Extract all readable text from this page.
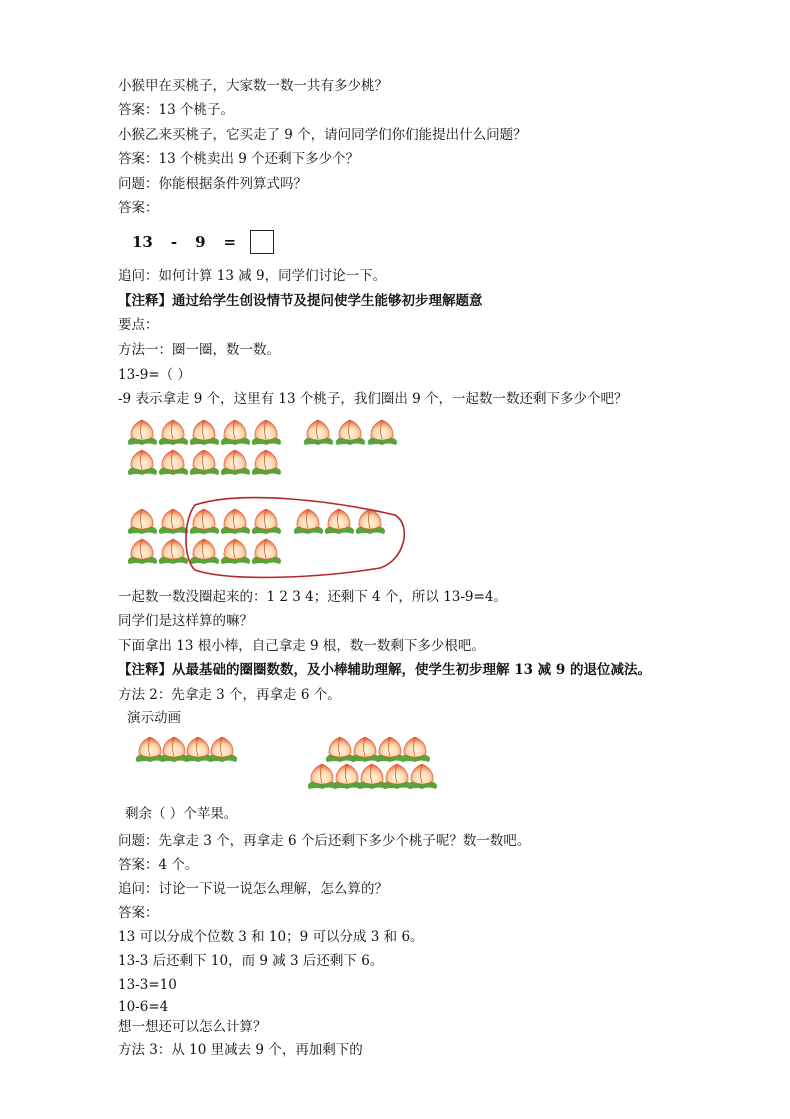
小猴甲在买桃子，大家数一数一共有多少桃？
答案：13 个桃子。
小猴乙来买桃子，它买走了 9 个，请问同学们你们能提出什么问题？
答案：13 个桃卖出 9 个还剩下多少个？
问题：你能根据条件列算式吗？
答案：
13 - 9 =
追问：如何计算 13 减 9，同学们讨论一下。
【注释】通过给学生创设情节及提问使学生能够初步理解题意
要点：
方法一：圈一圈，数一数。
13-9=（ ）
-9 表示拿走 9 个，这里有 13 个桃子，我们圈出 9 个，一起数一数还剩下多少个吧？
一起数一数没圈起来的：1 2 3 4；还剩下 4 个，所以 13-9=4。
同学们是这样算的嘛？
下面拿出 13 根小棒，自己拿走 9 根，数一数剩下多少根吧。
【注释】从最基础的圈圈数数，及小棒辅助理解，使学生初步理解 13 减 9 的退位减法。
方法 2：先拿走 3 个，再拿走 6 个。
演示动画
剩余（ ）个苹果。
问题：先拿走 3 个，再拿走 6 个后还剩下多少个桃子呢？数一数吧。
答案：4 个。
追问：讨论一下说一说怎么理解，怎么算的？
答案：
13 可以分成个位数 3 和 10；9 可以分成 3 和 6。
13-3 后还剩下 10，而 9 减 3 后还剩下 6。
13-3=10
10-6=4
想一想还可以怎么计算？
方法 3：从 10 里减去 9 个，再加剩下的
